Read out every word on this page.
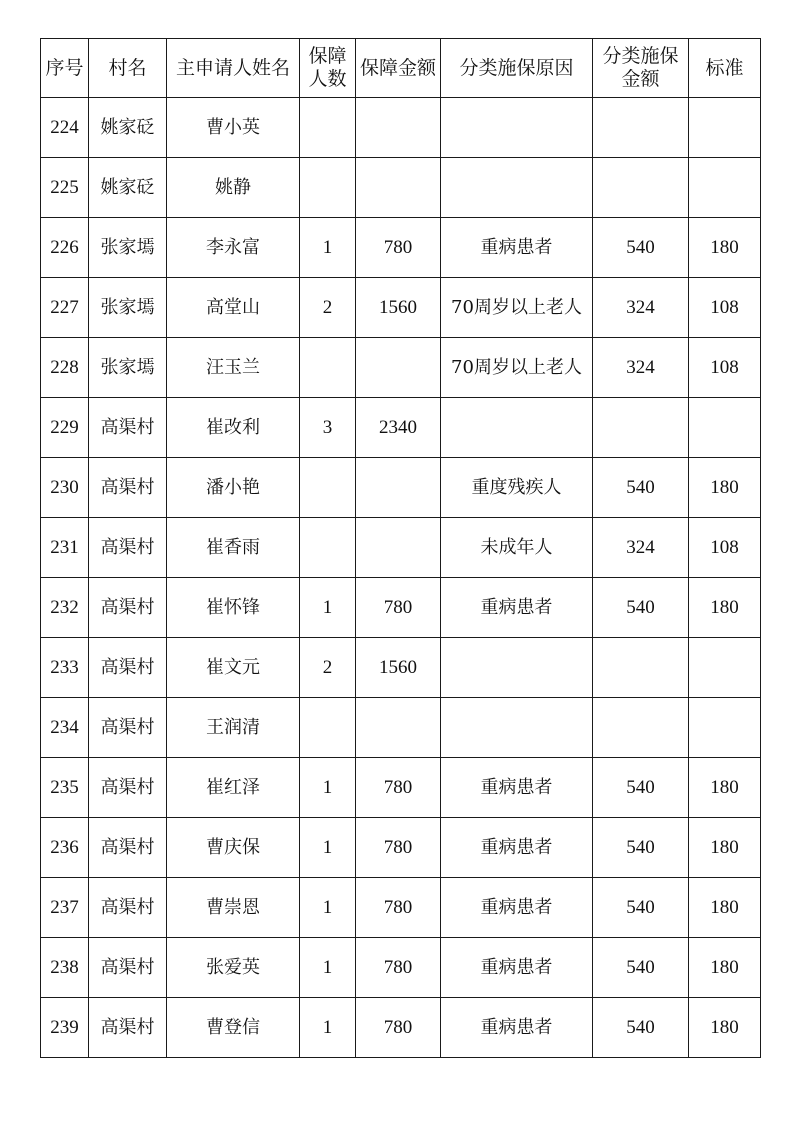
序号	村名	主申请人姓名	保障人数	保障金额	分类施保原因	分类施保金额	标准
224	姚家砭	曹小英					
225	姚家砭	姚静					
226	张家墕	李永富	1	780	重病患者	540	180
227	张家墕	高堂山	2	1560	70周岁以上老人	324	108
228	张家墕	汪玉兰			70周岁以上老人	324	108
229	高渠村	崔改利	3	2340			
230	高渠村	潘小艳			重度残疾人	540	180
231	高渠村	崔香雨			未成年人	324	108
232	高渠村	崔怀锋	1	780	重病患者	540	180
233	高渠村	崔文元	2	1560			
234	高渠村	王润清					
235	高渠村	崔红泽	1	780	重病患者	540	180
236	高渠村	曹庆保	1	780	重病患者	540	180
237	高渠村	曹崇恩	1	780	重病患者	540	180
238	高渠村	张爱英	1	780	重病患者	540	180
239	高渠村	曹登信	1	780	重病患者	540	180
